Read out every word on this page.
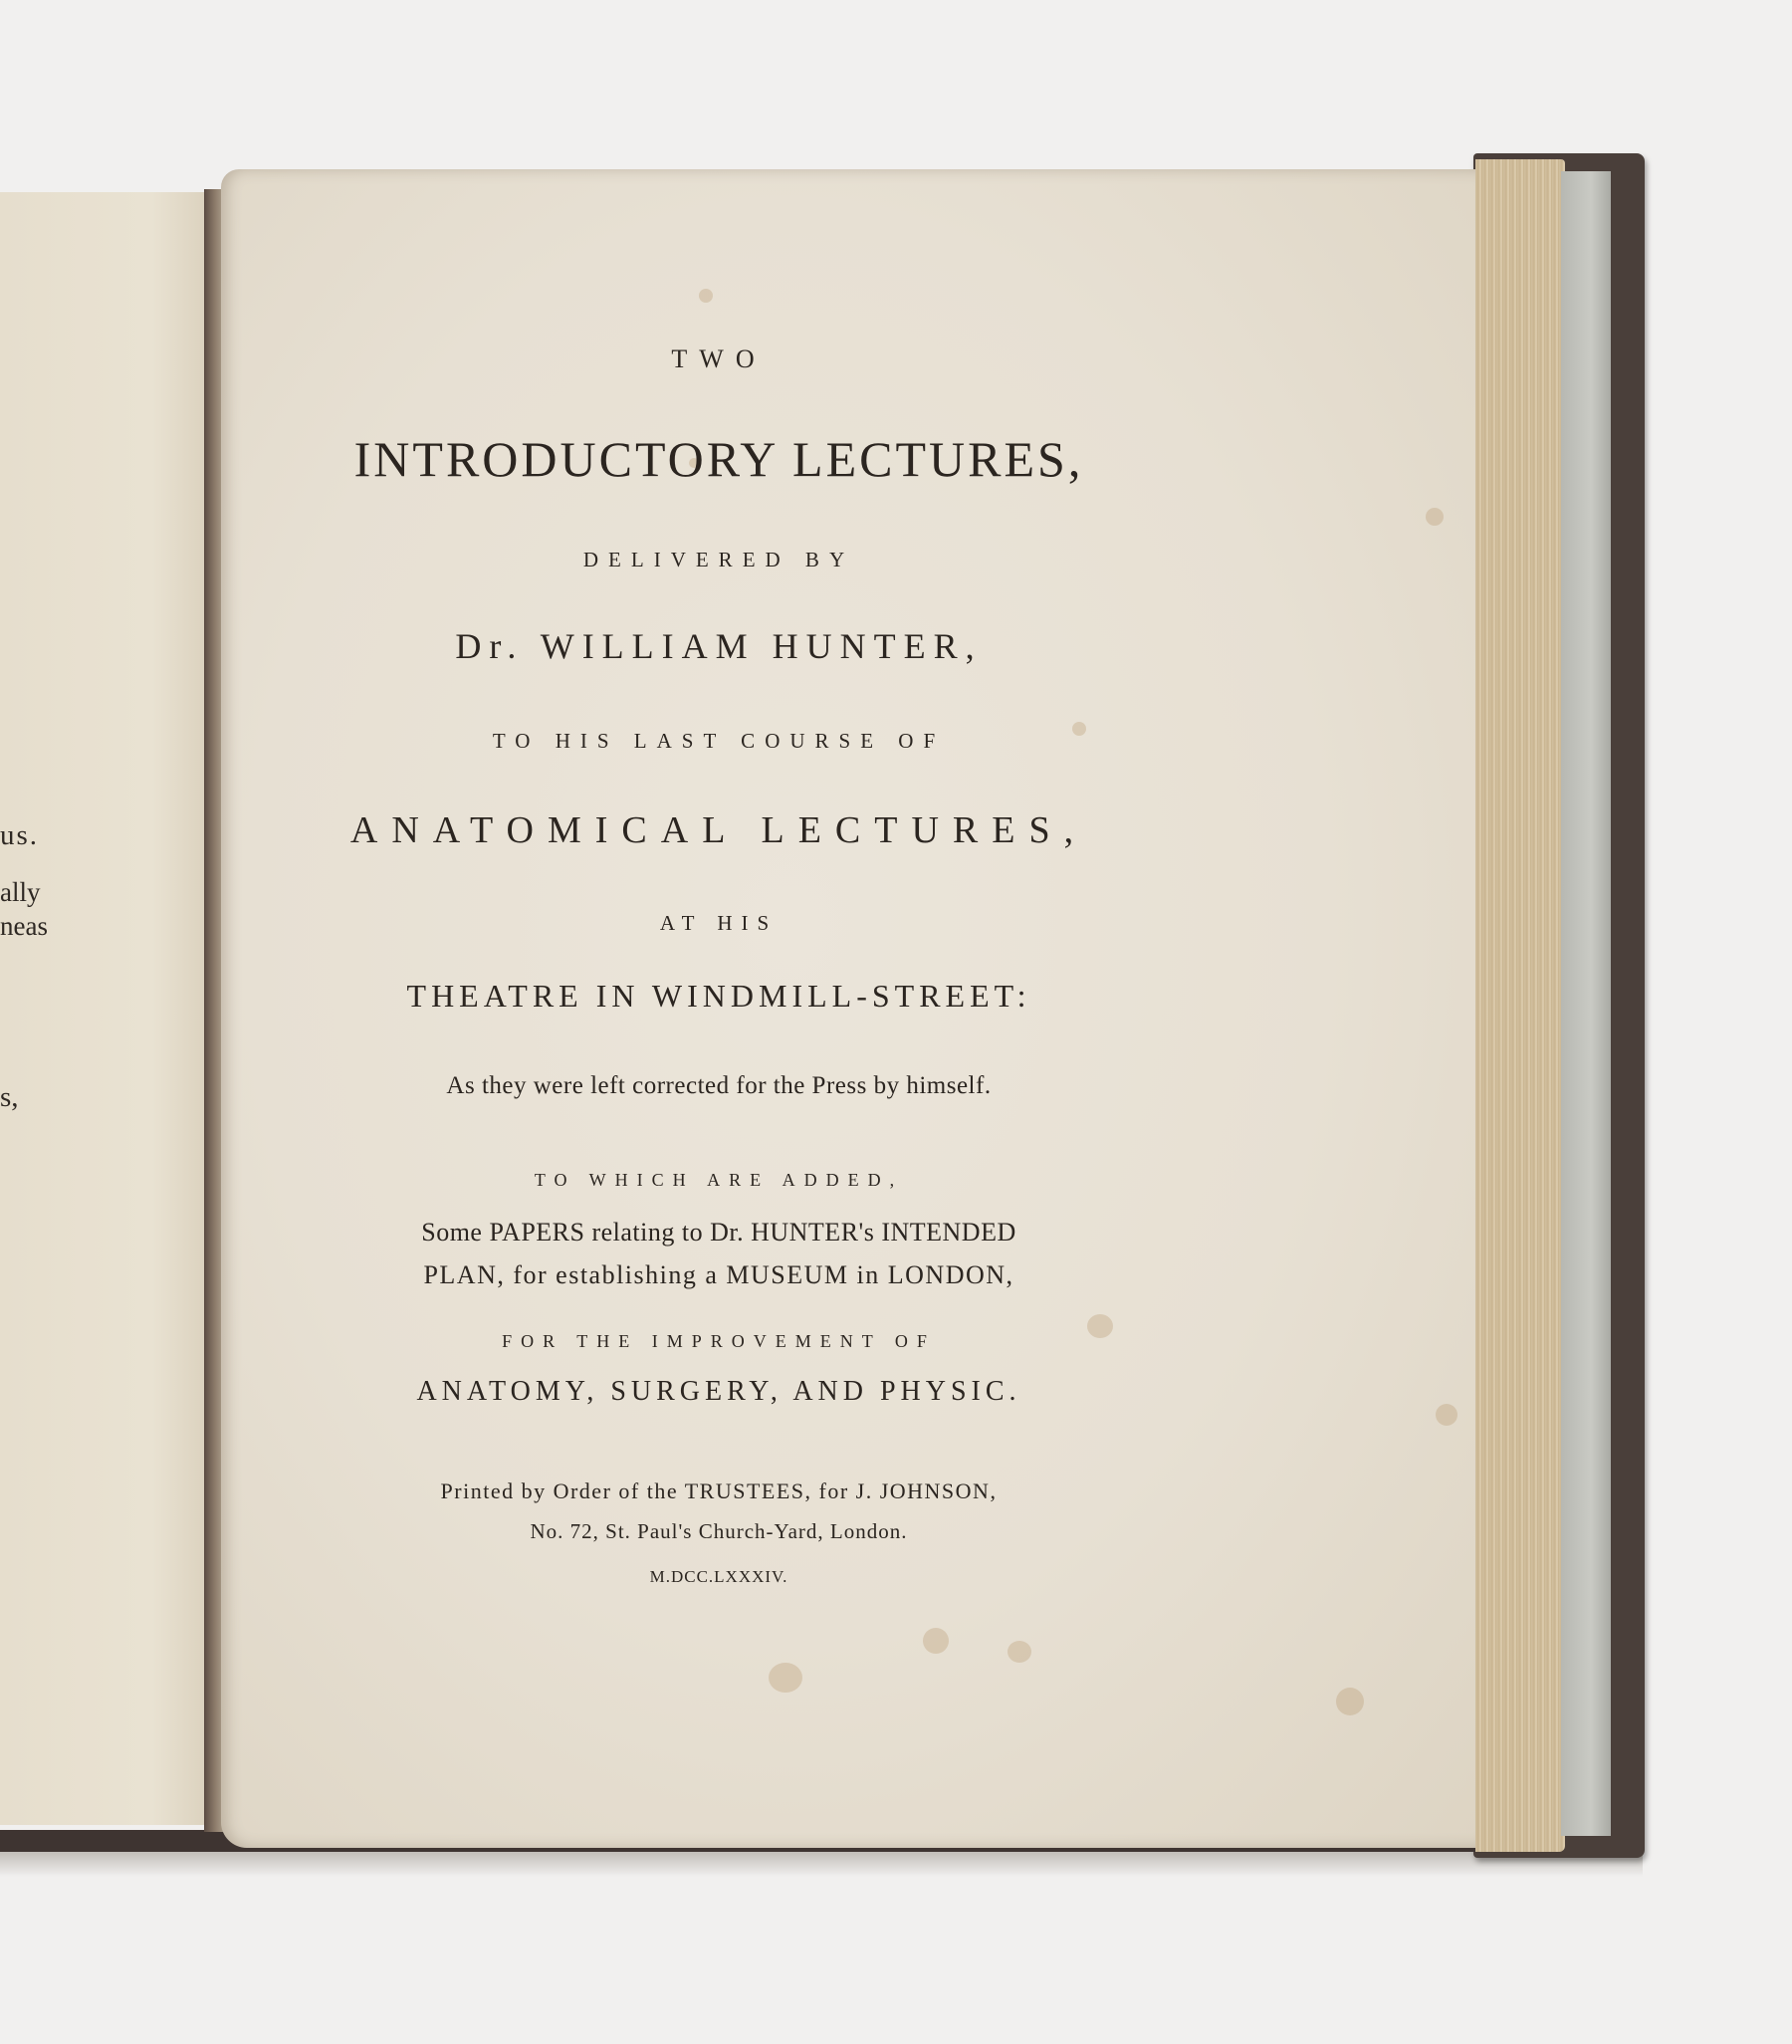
us.
ally
neas
s,
TWO
INTRODUCTORY LECTURES,
DELIVERED BY
Dr. WILLIAM HUNTER,
TO HIS LAST COURSE OF
ANATOMICAL LECTURES,
AT HIS
THEATRE IN WINDMILL-STREET:
As they were left corrected for the Press by himself.
TO WHICH ARE ADDED,
Some PAPERS relating to Dr. HUNTER's INTENDED
PLAN, for establishing a MUSEUM in LONDON,
FOR THE IMPROVEMENT OF
ANATOMY, SURGERY, AND PHYSIC.
Printed by Order of the TRUSTEES, for J. JOHNSON,
No. 72, St. Paul's Church-Yard, London.
M.DCC.LXXXIV.
